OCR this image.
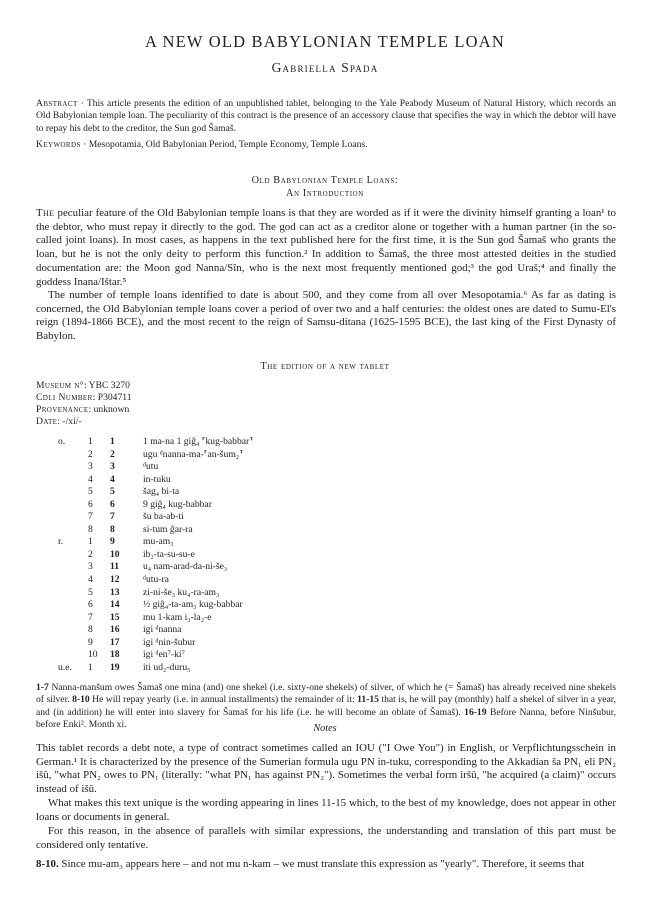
A NEW OLD BABYLONIAN TEMPLE LOAN
Gabriella Spada
Abstract · This article presents the edition of an unpublished tablet, belonging to the Yale Peabody Museum of Natural History, which records an Old Babylonian temple loan. The peculiarity of this contract is the presence of an accessory clause that specifies the way in which the debtor will have to repay his debt to the creditor, the Sun god Šamaš.
Keywords · Mesopotamia, Old Babylonian Period, Temple Economy, Temple Loans.
Old Babylonian Temple Loans:
An Introduction
The peculiar feature of the Old Babylonian temple loans is that they are worded as if it were the divinity himself granting a loan¹ to the debtor, who must repay it directly to the god. The god can act as a creditor alone or together with a human partner (in the so-called joint loans). In most cases, as happens in the text published here for the first time, it is the Sun god Šamaš who grants the loan, but he is not the only deity to perform this function.² In addition to Šamaš, the three most attested deities in the studied documentation are: the Moon god Nanna/Sîn, who is the next most frequently mentioned god;³ the god Uraš;⁴ and finally the goddess Inana/Ištar.⁵
The number of temple loans identified to date is about 500, and they come from all over Mesopotamia.⁶ As far as dating is concerned, the Old Babylonian temple loans cover a period of over two and a half centuries: the oldest ones are dated to Sumu-El's reign (1894-1866 BCE), and the most recent to the reign of Samsu-ditana (1625-1595 BCE), the last king of the First Dynasty of Babylon.
The edition of a new tablet
Museum n°: YBC 3270
Cdli Number: P304711
Provenance: unknown
Date: -/xi/-
o.	1	1	1 ma-na 1 giĝ₄ ⸢kug-babbar⸣
2	2	ugu ᵈnanna-ma-⸢an-šum₂⸣
3	3	ᵈutu
4	4	in-tuku
5	5	šag₄ bi-ta
6	6	9 giĝ₄ kug-babbar
7	7	šu ba-ab-ti
8	8	si-tum ĝar-ra
r.	1	9	mu-am₃
2	10	ib₂-ta-su-su-e
3	11	u₄ nam-arad-da-ni-še₃
4	12	ᵈutu-ra
5	13	zi-ni-še₃ ku₄-ra-am₃
6	14	½ giĝ₄-ta-am₃ kug-babbar
7	15	mu 1-kam i₃-la₂-e
8	16	igi ᵈnanna
9	17	igi ᵈnin-šubur
10	18	igi ᵈen⁷-ki⁷
u.e.	1	19	iti ud₂-duru₅
1-7 Nanna-manšum owes Šamaš one mina (and) one shekel (i.e. sixty-one shekels) of silver, of which he (= Šamaš) has already received nine shekels of silver. 8-10 He will repay yearly (i.e. in annual installments) the remainder of it: 11-15 that is, he will pay (monthly) half a shekel of silver in a year, and (in addition) he will enter into slavery for Šamaš for his life (i.e. he will become an oblate of Šamaš). 16-19 Before Nanna, before Ninšubur, before Enki². Month xi.	Notes
This tablet records a debt note, a type of contract sometimes called an IOU ("I Owe You") in English, or Verpflichtungsschein in German.¹ It is characterized by the presence of the Sumerian formula ugu PN in-tuku, corresponding to the Akkadian ša PN₁ eli PN₂ išû, "what PN₂ owes to PN₁ (literally: "what PN₁ has against PN₂"). Sometimes the verbal form iršû, "he acquired (a claim)" occurs instead of išû.
What makes this text unique is the wording appearing in lines 11-15 which, to the best of my knowledge, does not appear in other loans or documents in general.
For this reason, in the absence of parallels with similar expressions, the understanding and translation of this part must be considered only tentative.
8-10. Since mu-am₃ appears here – and not mu n-kam – we must translate this expression as "yearly". Therefore, it seems that
